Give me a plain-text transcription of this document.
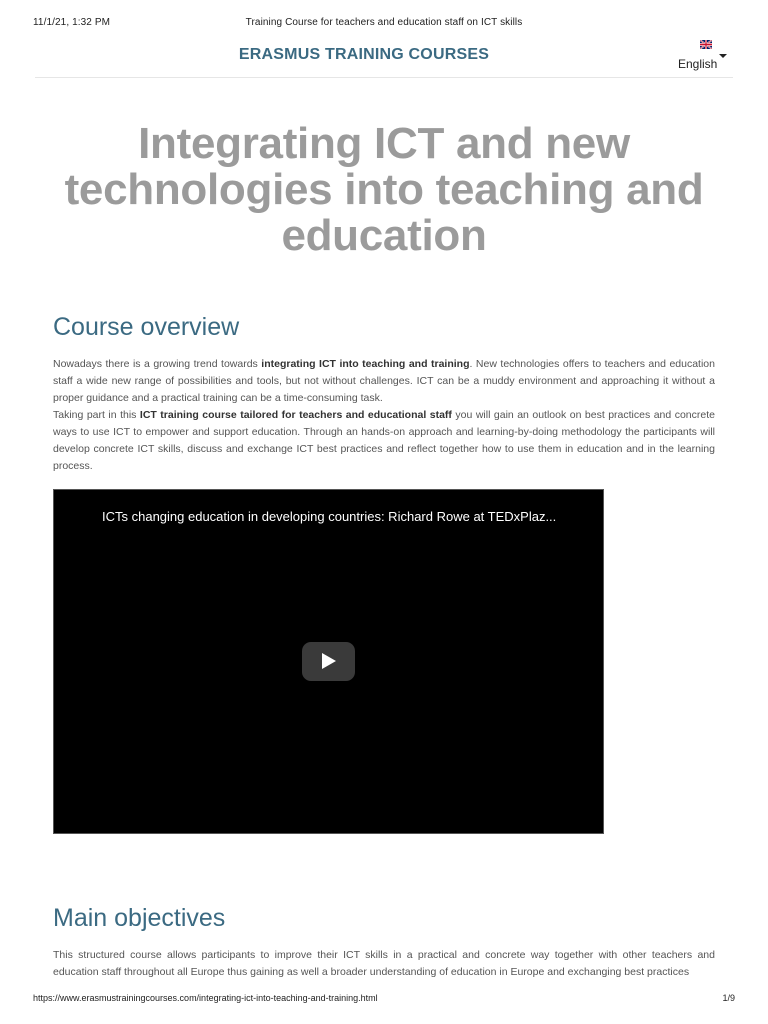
11/1/21, 1:32 PM	Training Course for teachers and education staff on ICT skills
ERASMUS TRAINING COURSES
English
Integrating ICT and new technologies into teaching and education
Course overview

Nowadays there is a growing trend towards integrating ICT into teaching and training. New technologies offers to teachers and education staff a wide new range of possibilities and tools, but not without challenges. ICT can be a muddy environment and approaching it without a proper guidance and a practical training can be a time-consuming task.

Taking part in this ICT training course tailored for teachers and educational staff you will gain an outlook on best practices and concrete ways to use ICT to empower and support education. Through an hands-on approach and learning-by-doing methodology the participants will develop concrete ICT skills, discuss and exchange ICT best practices and reflect together how to use them in education and in the learning process.

ICTs changing education in developing countries: Richard Rowe at TEDxPlaz...
Main objectives

This structured course allows participants to improve their ICT skills in a practical and concrete way together with other teachers and education staff throughout all Europe thus gaining as well a broader understanding of education in Europe and exchanging best practices

https://www.erasmustrainingcourses.com/integrating-ict-into-teaching-and-training.html	1/9
